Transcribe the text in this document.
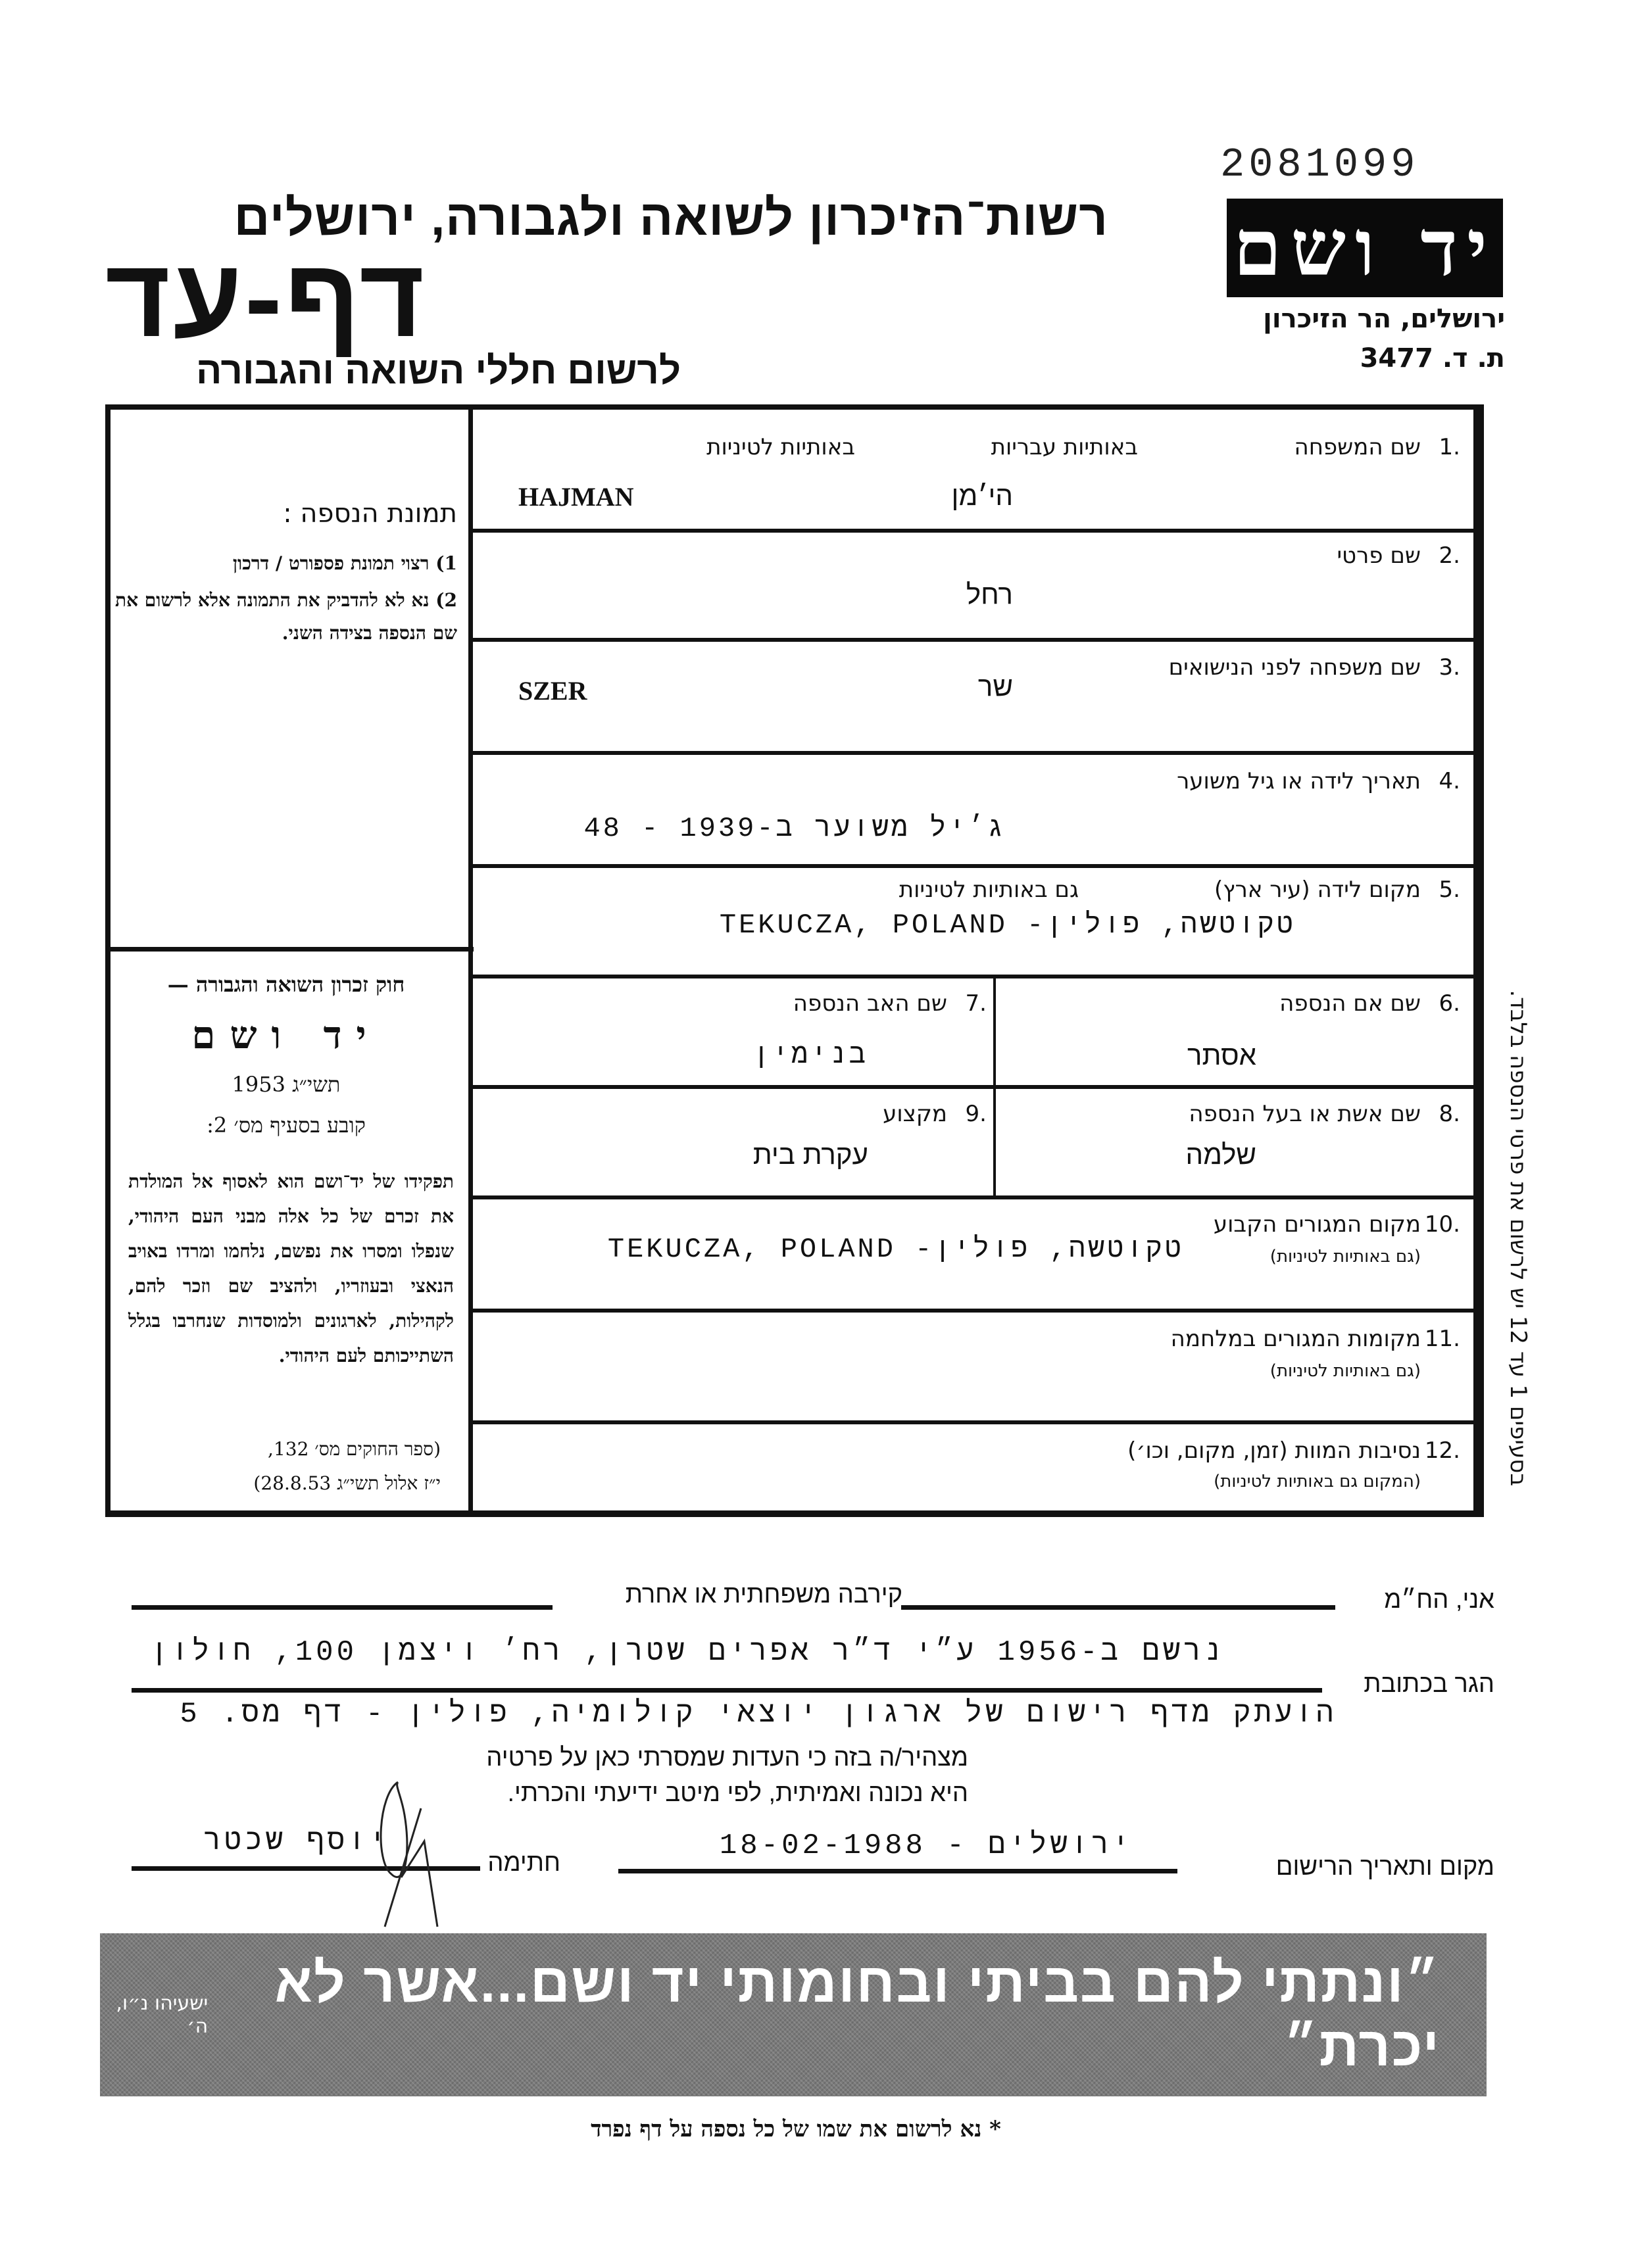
2081099
יד ושם
ירושלים, הר הזיכרון
ת. ד. 3477
רשות־הזיכרון לשואה ולגבורה, ירושלים
דף-עד
לרשום חללי השואה והגבורה
תמונת הנספה :
1) רצוי תמונת פספורט / דרכון
2) נא לא להדביק את התמונה אלא לרשום את שם הנספה בצידה השני.
חוק זכרון השואה והגבורה —
יד ושם
תשי״ג 1953
קובע בסעיף מס׳ 2:
תפקידו של יד־ושם הוא לאסוף אל המולדת את זכרם של כל אלה מבני העם היהודי, שנפלו ומסרו את נפשם, נלחמו ומרדו באויב הנאצי ובעוזריו, ולהציב שם וזכר להם, לקהילות, לארגונים ולמוסדות שנחרבו בגלל השתייכותם לעם היהודי.
(ספר החוקים מס׳ 132,
י״ז אלול תשי״ג 28.8.53)
1.
שם המשפחה
באותיות עבריות
באותיות לטיניות
הי׳מן
HAJMAN
2.
שם פרטי
רחל
3.
שם משפחה לפני הנישואים
שר
SZER
4.
תאריך לידה או גיל משוער
ג׳יל משוער ב-1939 - 48
5.
מקום לידה (עיר ארץ)
גם באותיות לטיניות
טקוטשה, פולין- TEKUCZA, POLAND
6.
שם אם הנספה
אסתר
7.
שם האב הנספה
בנימין
8.
שם אשת או בעל הנספה
שלמה
9.
מקצוע
עקרת בית
10.
מקום המגורים הקבוע
(גם באותיות לטיניות)
טקוטשה, פולין- TEKUCZA, POLAND
11.
מקומות המגורים במלחמה
(גם באותיות לטיניות)
12.
נסיבות המוות (זמן, מקום, וכו׳)
(המקום גם באותיות לטיניות)
בסעיפים 1 עד 12 יש לרשום את פרטי הנספה בלבד.
אני, הח״מ
קירבה משפחתית או אחרת
נרשם ב-1956 ע״י ד״ר אפרים שטרן, רח׳ ויצמן 100, חולון
הגר בכתובת
הועתק מדף רישום של ארגון יוצאי קולומיה, פולין - דף מס. 5
מצהיר/ה בזה כי העדות שמסרתי כאן על פרטיה
היא נכונה ואמיתית, לפי מיטב ידיעתי והכרתי.
מקום ותאריך הרישום
ירושלים - 18-02-1988
חתימה
יוסף שכטר
ישעיהו נ״ו, ה׳
״ונתתי להם בביתי ובחומותי יד ושם...אשר לא יכרת״
* נא לרשום את שמו של כל נספה על דף נפרד
